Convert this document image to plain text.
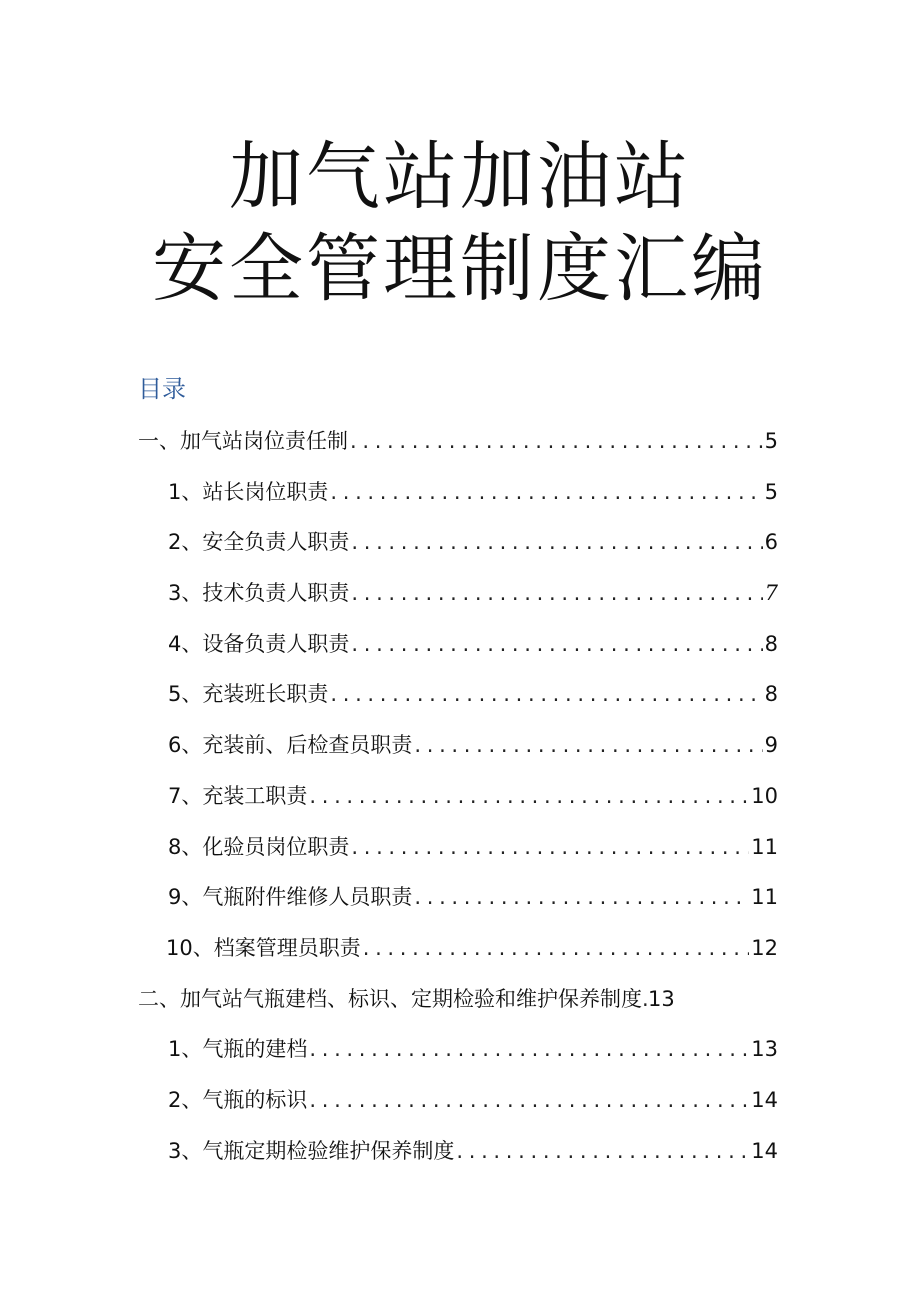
加气站加油站
安全管理制度汇编
目录
一、加气站岗位责任制 . . .	5
1、站长岗位职责 . . .	5
2、安全负责人职责 . . .	6
3、技术负责人职责 . . .	7
4、设备负责人职责 . . .	8
5、充装班长职责 . . .	8
6、充装前、后检查员职责 . . .	9
7、充装工职责 . . .	10
8、化验员岗位职责 . . .	11
9、气瓶附件维修人员职责 . . .	11
10、档案管理员职责 . . .	12
二、加气站气瓶建档、标识、定期检验和维护保养制度 . . . 13
1、气瓶的建档 . . .	13
2、气瓶的标识 . . .	14
3、气瓶定期检验维护保养制度 . . .	14
